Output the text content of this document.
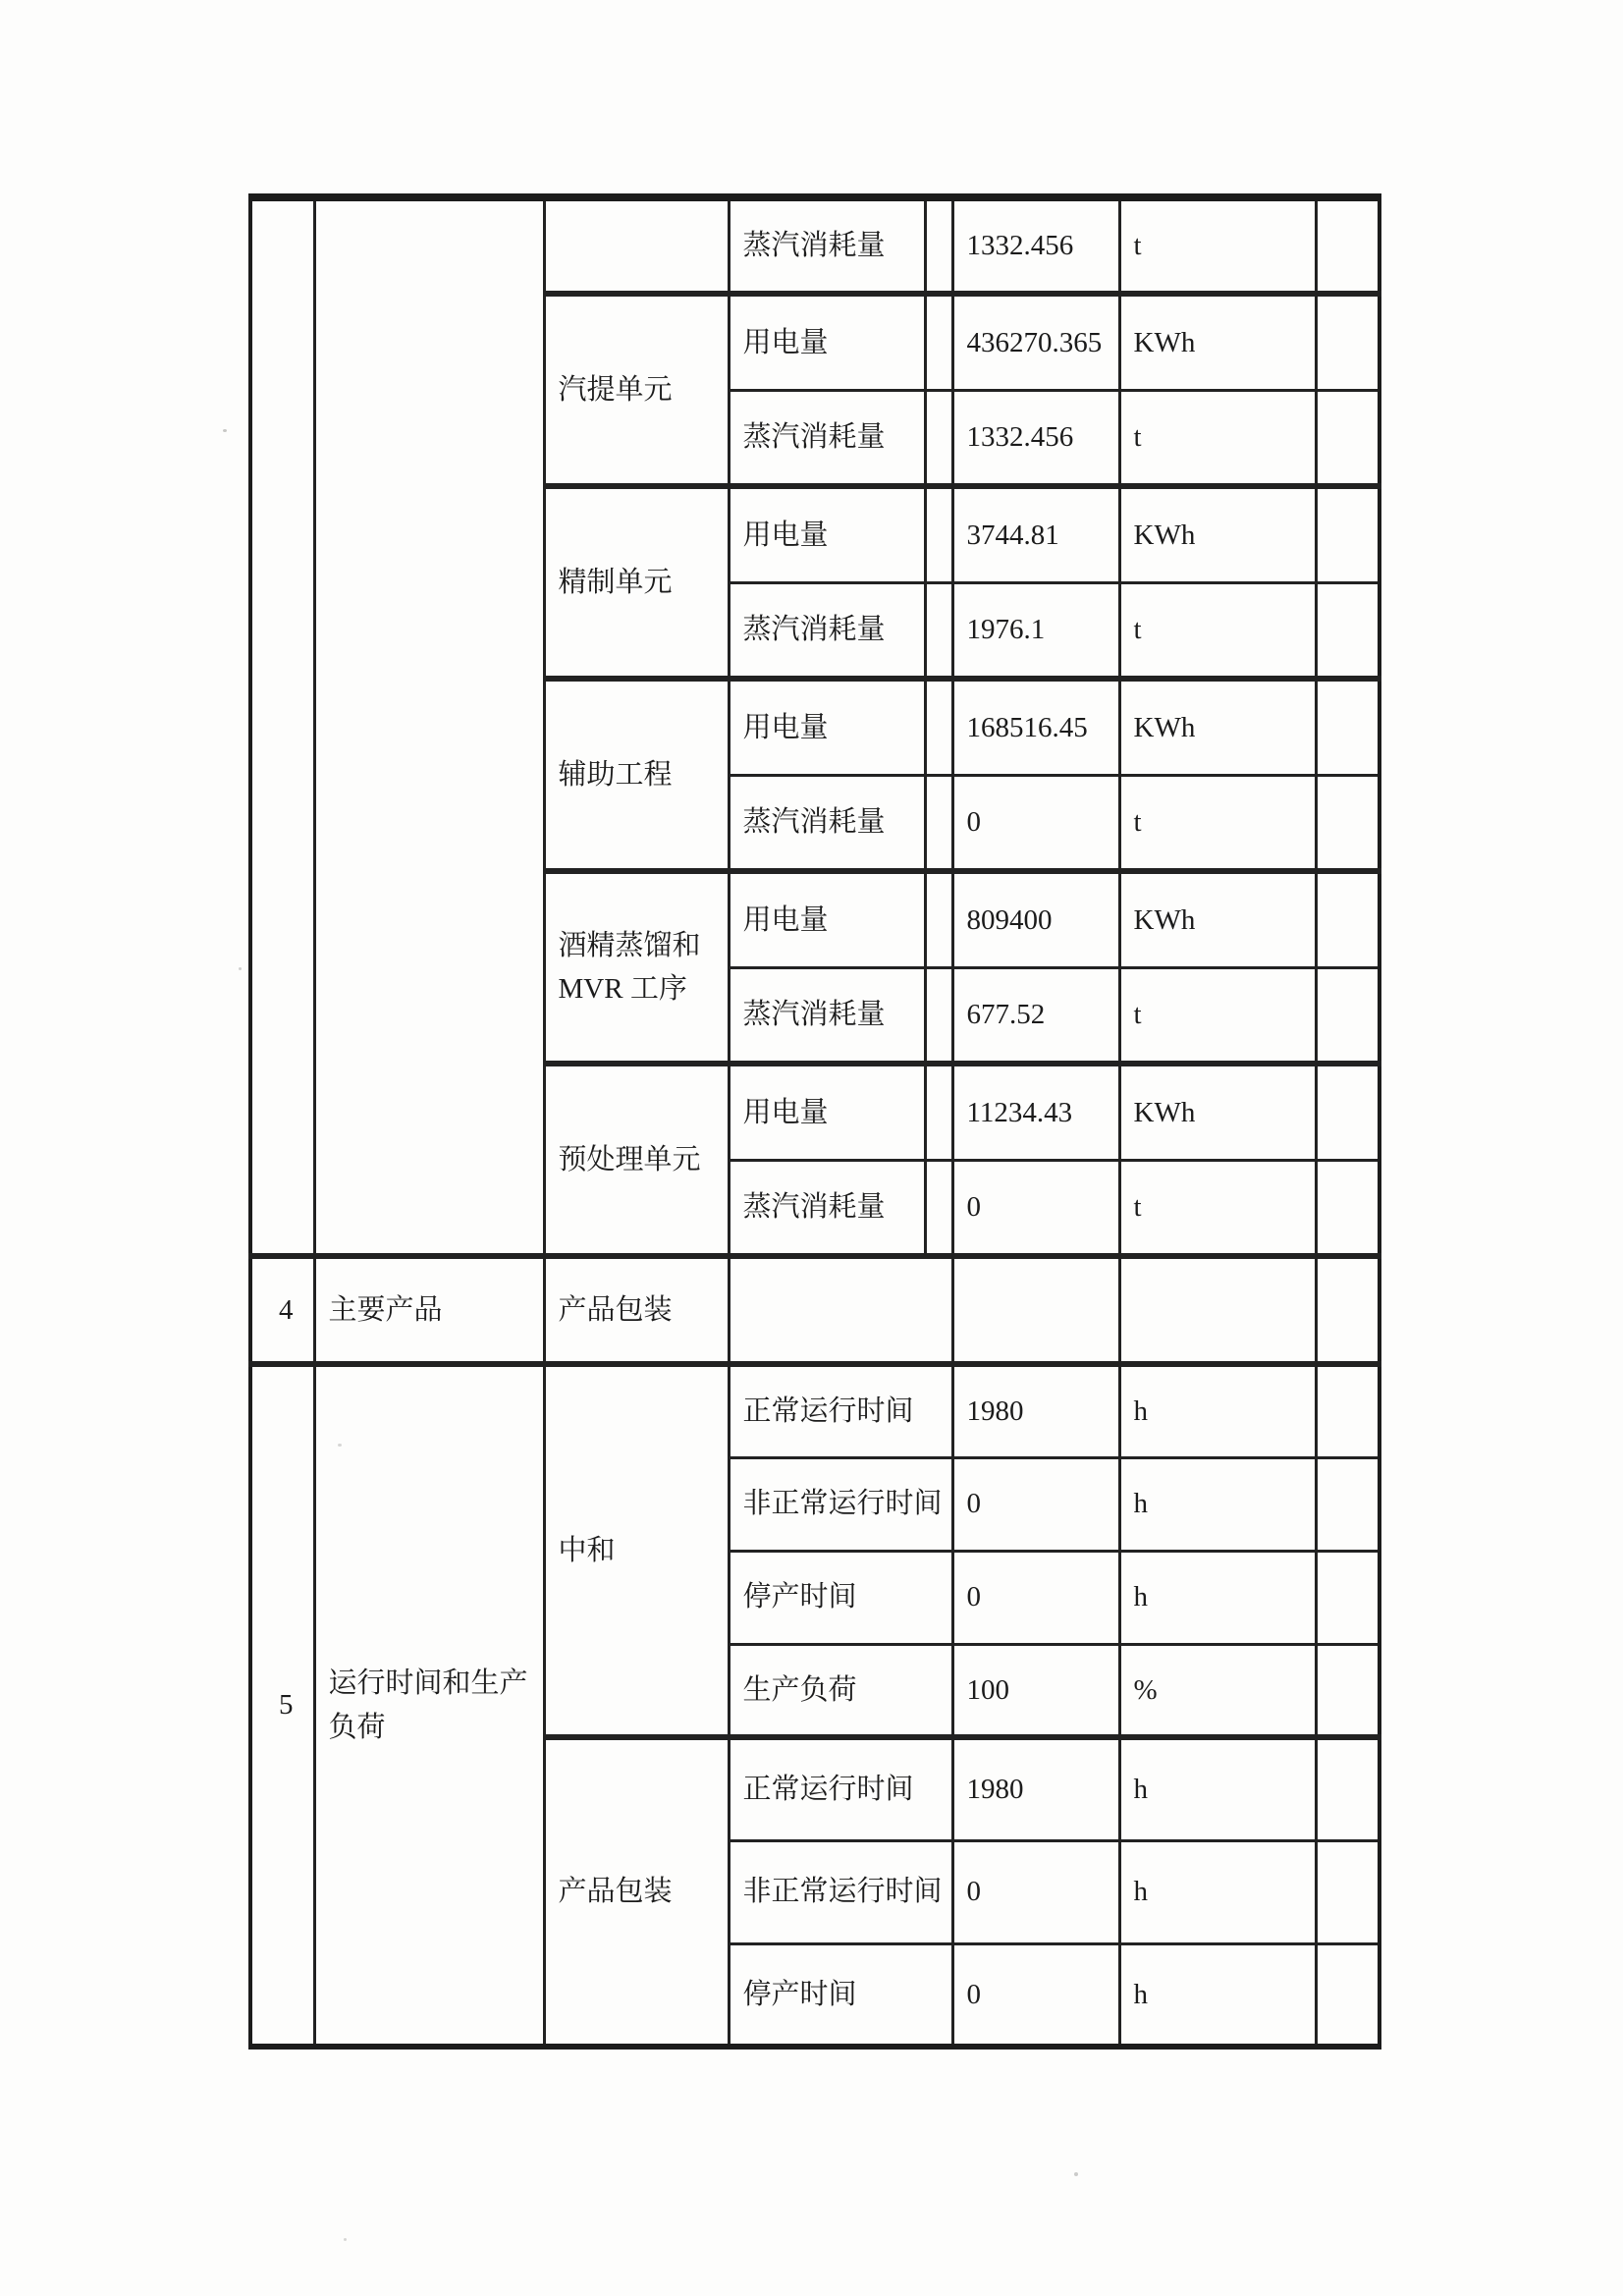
			蒸汽消耗量		1332.456	t	
		汽提单元	用电量		436270.365	KWh	
			蒸汽消耗量		1332.456	t	
		精制单元	用电量		3744.81	KWh	
			蒸汽消耗量		1976.1	t	
		辅助工程	用电量		168516.45	KWh	
			蒸汽消耗量		0	t	
		酒精蒸馏和MVR 工序	用电量		809400	KWh	
			蒸汽消耗量		677.52	t	
		预处理单元	用电量		11234.43	KWh	
			蒸汽消耗量		0	t	
4	主要产品	产品包装					
5	运行时间和生产负荷	中和	正常运行时间		1980	h	
			非正常运行时间		0	h	
			停产时间		0	h	
			生产负荷		100	%	
		产品包装	正常运行时间		1980	h	
			非正常运行时间		0	h	
			停产时间		0	h	
